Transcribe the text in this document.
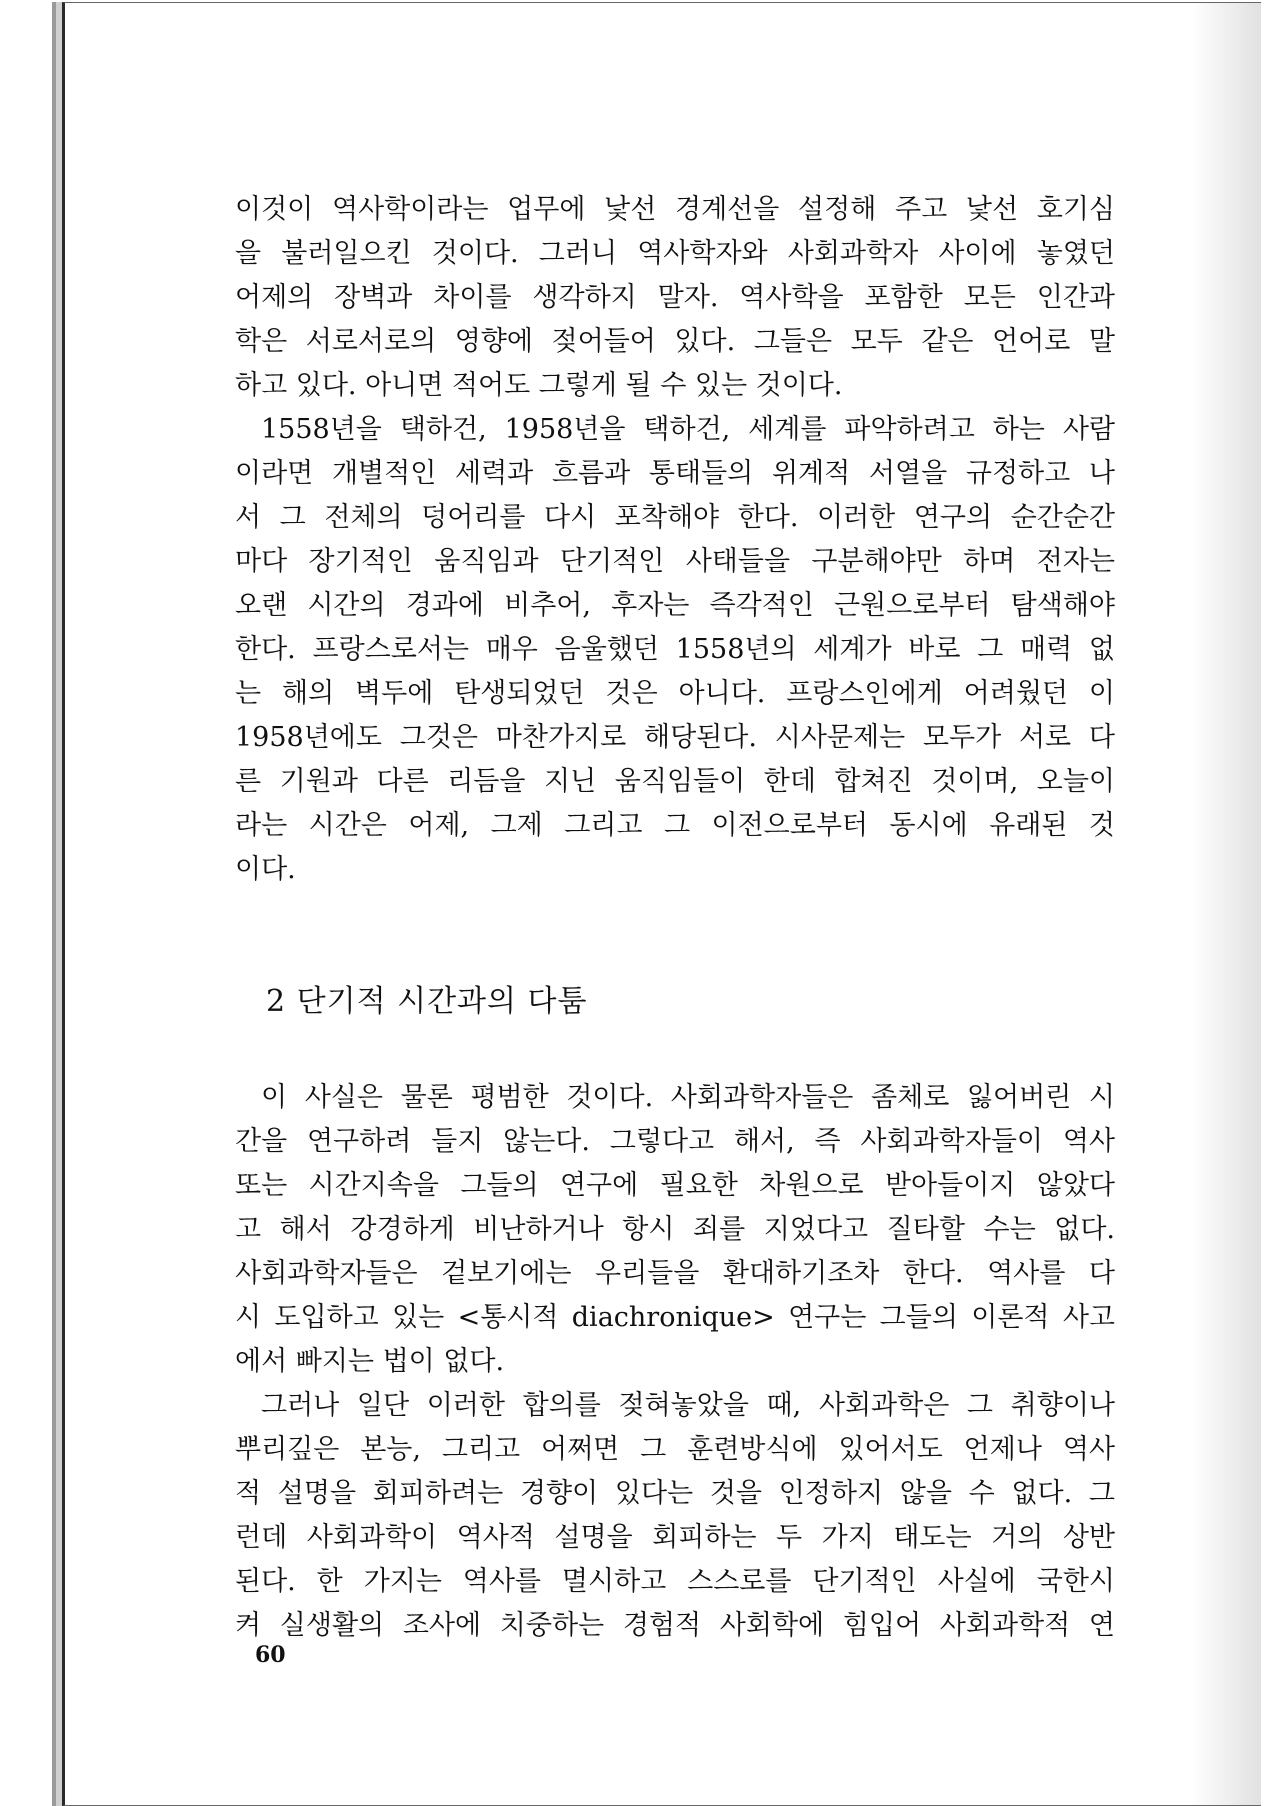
이것이 역사학이라는 업무에 낯선 경계선을 설정해 주고 낯선 호기심
을 불러일으킨 것이다. 그러니 역사학자와 사회과학자 사이에 놓였던
어제의 장벽과 차이를 생각하지 말자. 역사학을 포함한 모든 인간과
학은 서로서로의 영향에 젖어들어 있다. 그들은 모두 같은 언어로 말
하고 있다. 아니면 적어도 그렇게 될 수 있는 것이다.
1558년을 택하건, 1958년을 택하건, 세계를 파악하려고 하는 사람
이라면 개별적인 세력과 흐름과 통태들의 위계적 서열을 규정하고 나
서 그 전체의 덩어리를 다시 포착해야 한다. 이러한 연구의 순간순간
마다 장기적인 움직임과 단기적인 사태들을 구분해야만 하며 전자는
오랜 시간의 경과에 비추어, 후자는 즉각적인 근원으로부터 탐색해야
한다. 프랑스로서는 매우 음울했던 1558년의 세계가 바로 그 매력 없
는 해의 벽두에 탄생되었던 것은 아니다. 프랑스인에게 어려웠던 이
1958년에도 그것은 마찬가지로 해당된다. 시사문제는 모두가 서로 다
른 기원과 다른 리듬을 지닌 움직임들이 한데 합쳐진 것이며, 오늘이
라는 시간은 어제, 그제 그리고 그 이전으로부터 동시에 유래된 것
이다.
2 단기적 시간과의 다툼
이 사실은 물론 평범한 것이다. 사회과학자들은 좀체로 잃어버린 시
간을 연구하려 들지 않는다. 그렇다고 해서, 즉 사회과학자들이 역사
또는 시간지속을 그들의 연구에 필요한 차원으로 받아들이지 않았다
고 해서 강경하게 비난하거나 항시 죄를 지었다고 질타할 수는 없다.
사회과학자들은 겉보기에는 우리들을 환대하기조차 한다. 역사를 다
시 도입하고 있는 <통시적 diachronique> 연구는 그들의 이론적 사고
에서 빠지는 법이 없다.
그러나 일단 이러한 합의를 젖혀놓았을 때, 사회과학은 그 취향이나
뿌리깊은 본능, 그리고 어쩌면 그 훈련방식에 있어서도 언제나 역사
적 설명을 회피하려는 경향이 있다는 것을 인정하지 않을 수 없다. 그
런데 사회과학이 역사적 설명을 회피하는 두 가지 태도는 거의 상반
된다. 한 가지는 역사를 멸시하고 스스로를 단기적인 사실에 국한시
켜 실생활의 조사에 치중하는 경험적 사회학에 힘입어 사회과학적 연
60
